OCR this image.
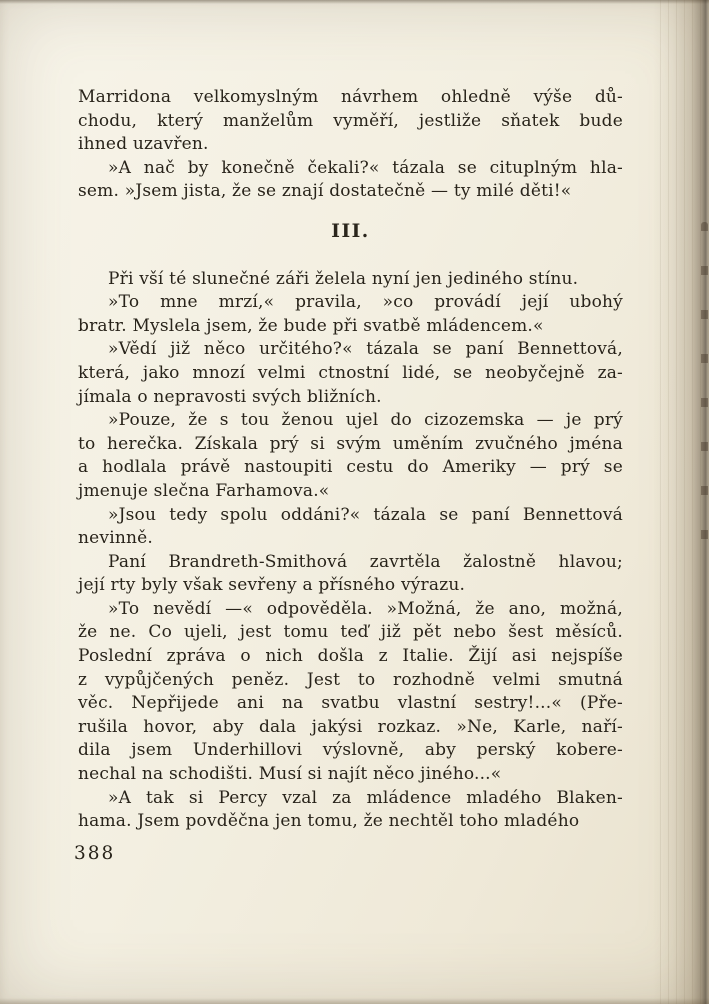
Marridona velkomyslným návrhem ohledně výše dů-
chodu, který manželům vyměří, jestliže sňatek bude
ihned uzavřen.
»A nač by konečně čekali?« tázala se cituplným hla-
sem. »Jsem jista, že se znají dostatečně — ty milé děti!«
III.
Při vší té slunečné záři želela nyní jen jediného stínu.
»To mne mrzí,« pravila, »co provádí její ubohý
bratr. Myslela jsem, že bude při svatbě mládencem.«
»Vědí již něco určitého?« tázala se paní Bennettová,
která, jako mnozí velmi ctnostní lidé, se neobyčejně za-
jímala o nepravosti svých bližních.
»Pouze, že s tou ženou ujel do cizozemska — je prý
to herečka. Získala prý si svým uměním zvučného jména
a hodlala právě nastoupiti cestu do Ameriky — prý se
jmenuje slečna Farhamova.«
»Jsou tedy spolu oddáni?« tázala se paní Bennettová
nevinně.
Paní Brandreth-Smithová zavrtěla žalostně hlavou;
její rty byly však sevřeny a přísného výrazu.
»To nevědí —« odpověděla. »Možná, že ano, možná,
že ne. Co ujeli, jest tomu teď již pět nebo šest měsíců.
Poslední zpráva o nich došla z Italie. Žijí asi nejspíše
z vypůjčených peněz. Jest to rozhodně velmi smutná
věc. Nepřijede ani na svatbu vlastní sestry!...« (Pře-
rušila hovor, aby dala jakýsi rozkaz. »Ne, Karle, naří-
dila jsem Underhillovi výslovně, aby perský kobere-
nechal na schodišti. Musí si najít něco jiného...«
»A tak si Percy vzal za mládence mladého Blaken-
hama. Jsem povděčna jen tomu, že nechtěl toho mladého
388
